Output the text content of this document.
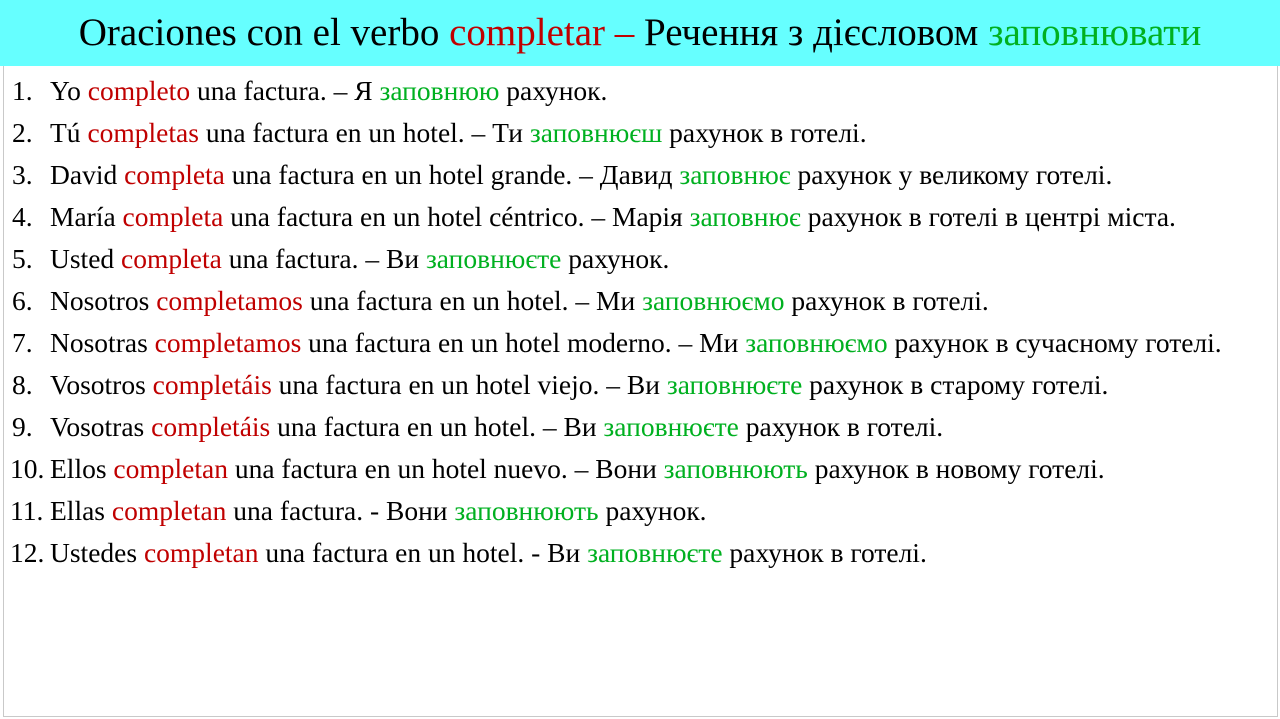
Oraciones con el verbo completar – Речення з дієсловом заповнювати
1. Yo completo una factura. – Я заповнюю рахунок.
2. Tú completas una factura en un hotel. – Ти заповнюєш рахунок в готелі.
3. David completa una factura en un hotel grande. – Давид заповнює рахунок у великому готелі.
4. María completa una factura en un hotel céntrico. – Марія заповнює рахунок в готелі в центрі міста.
5. Usted completa una factura. – Ви заповнюєте рахунок.
6. Nosotros completamos una factura en un hotel. – Ми заповнюємо рахунок в готелі.
7. Nosotras completamos una factura en un hotel moderno. – Ми заповнюємо рахунок в сучасному готелі.
8. Vosotros completáis una factura en un hotel viejo. – Ви заповнюєте рахунок в старому готелі.
9. Vosotras completáis una factura en un hotel. – Ви заповнюєте рахунок в готелі.
10. Ellos completan una factura en un hotel nuevo. – Вони заповнюють рахунок в новому готелі.
11. Ellas completan una factura. - Вони заповнюють рахунок.
12. Ustedes completan una factura en un hotel. - Ви заповнюєте рахунок в готелі.
